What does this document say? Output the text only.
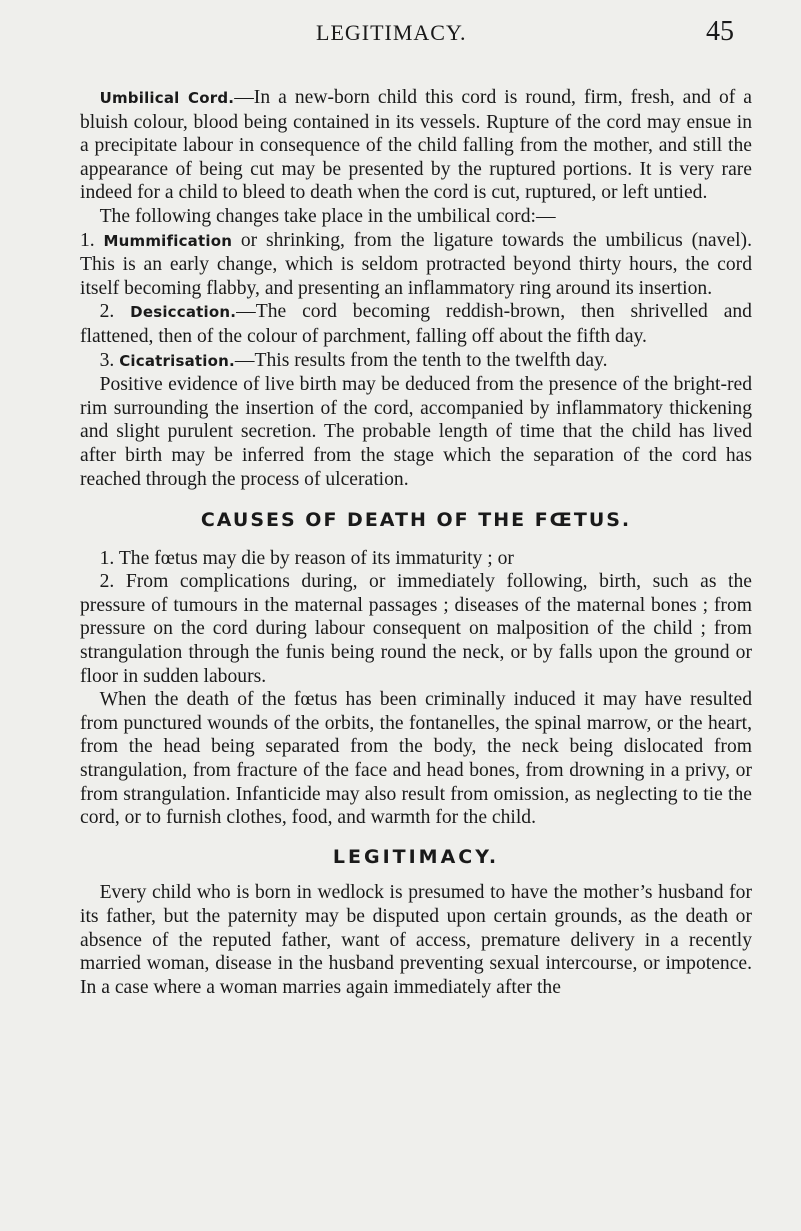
LEGITIMACY.	45

 Umbilical Cord.—In a new-born child this cord is round, firm, fresh, and of a bluish colour, blood being contained in its vessels. Rupture of the cord may ensue in a precipitate labour in consequence of the child falling from the mother, and still the appearance of being cut may be presented by the ruptured portions. It is very rare indeed for a child to bleed to death when the cord is cut, ruptured, or left untied.

 The following changes take place in the umbilical cord:—

1. Mummification or shrinking, from the ligature towards the umbilicus (navel). This is an early change, which is seldom protracted beyond thirty hours, the cord itself becoming flabby, and presenting an inflammatory ring around its insertion.

 2. Desiccation.—The cord becoming reddish-brown, then shrivelled and flattened, then of the colour of parchment, falling off about the fifth day.

 3. Cicatrisation.—This results from the tenth to the twelfth day.

 Positive evidence of live birth may be deduced from the presence of the bright-red rim surrounding the insertion of the cord, accompanied by inflammatory thickening and slight purulent secretion. The probable length of time that the child has lived after birth may be inferred from the stage which the separation of the cord has reached through the process of ulceration.

CAUSES OF DEATH OF THE FŒTUS.

 1. The fœtus may die by reason of its immaturity ; or

 2. From complications during, or immediately following, birth, such as the pressure of tumours in the maternal passages ; diseases of the maternal bones ; from pressure on the cord during labour consequent on malposition of the child ; from strangulation through the funis being round the neck, or by falls upon the ground or floor in sudden labours.

 When the death of the fœtus has been criminally induced it may have resulted from punctured wounds of the orbits, the fontanelles, the spinal marrow, or the heart, from the head being separated from the body, the neck being dislocated from strangulation, from fracture of the face and head bones, from drowning in a privy, or from strangulation. Infanticide may also result from omission, as neglecting to tie the cord, or to furnish clothes, food, and warmth for the child.

LEGITIMACY.

 Every child who is born in wedlock is presumed to have the mother’s husband for its father, but the paternity may be disputed upon certain grounds, as the death or absence of the reputed father, want of access, premature delivery in a recently married woman, disease in the husband preventing sexual intercourse, or impotence. In a case where a woman marries again immediately after the
